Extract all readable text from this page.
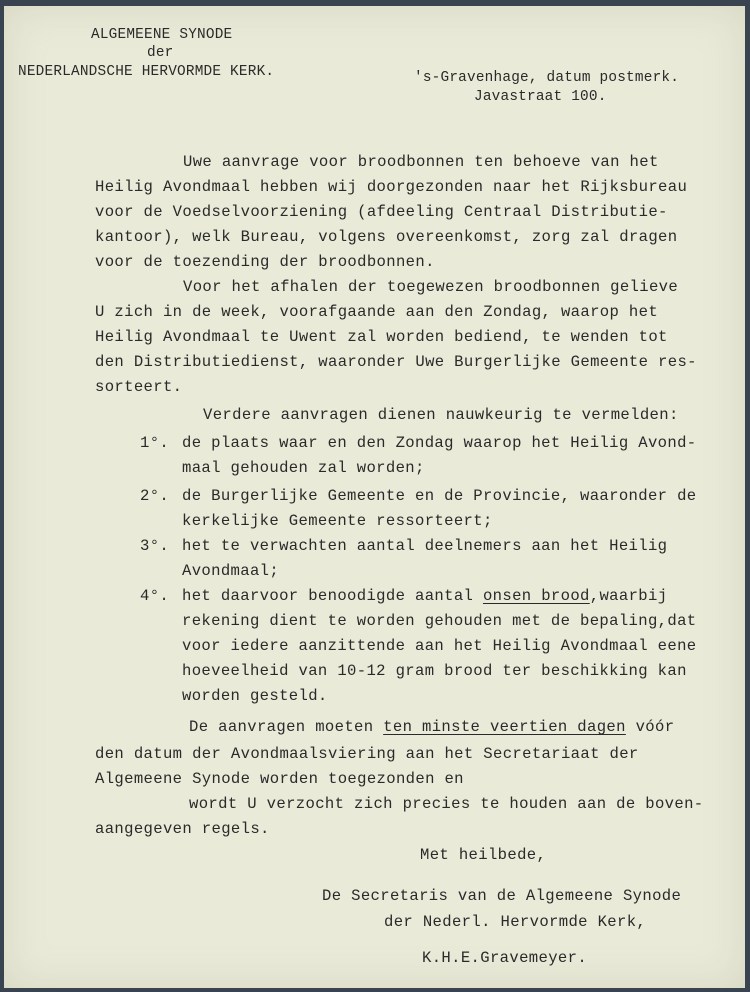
ALGEMEENE SYNODE
der
NEDERLANDSCHE HERVORMDE KERK.	's-Gravenhage, datum postmerk.
Javastraat 100.
Uwe aanvrage voor broodbonnen ten behoeve van het
Heilig Avondmaal hebben wij doorgezonden naar het Rijksbureau
voor de Voedselvoorziening (afdeeling Centraal Distributie-
kantoor), welk Bureau, volgens overeenkomst, zorg zal dragen
voor de toezending der broodbonnen.
Voor het afhalen der toegewezen broodbonnen gelieve
U zich in de week, voorafgaande aan den Zondag, waarop het
Heilig Avondmaal te Uwent zal worden bediend, te wenden tot
den Distributiedienst, waaronder Uwe Burgerlijke Gemeente res-
sorteert.
Verdere aanvragen dienen nauwkeurig te vermelden:
1°. de plaats waar en den Zondag waarop het Heilig Avond-
maal gehouden zal worden;
2°. de Burgerlijke Gemeente en de Provincie, waaronder de
kerkelijke Gemeente ressorteert;
3°. het te verwachten aantal deelnemers aan het Heilig
Avondmaal;
4°. het daarvoor benoodigde aantal onsen brood,waarbij
rekening dient te worden gehouden met de bepaling,dat
voor iedere aanzittende aan het Heilig Avondmaal eene
hoeveelheid van 10-12 gram brood ter beschikking kan
worden gesteld.
De aanvragen moeten ten minste veertien dagen vóór
den datum der Avondmaalsviering aan het Secretariaat der
Algemeene Synode worden toegezonden en
wordt U verzocht zich precies te houden aan de boven-
aangegeven regels.
Met heilbede,
De Secretaris van de Algemeene Synode
der Nederl. Hervormde Kerk,
K.H.E.Gravemeyer.
